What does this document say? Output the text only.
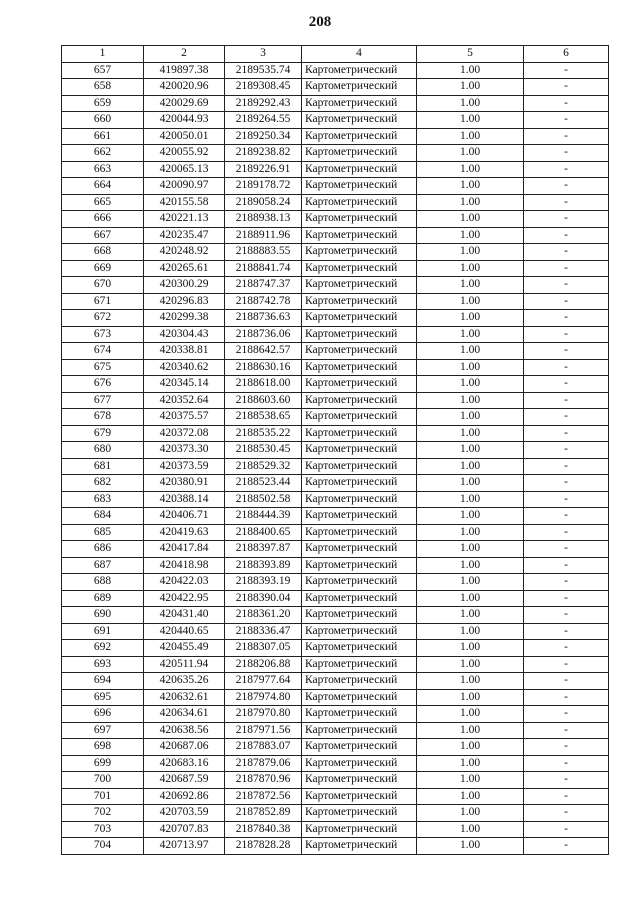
208
1	2	3	4	5	6
657	419897.38	2189535.74	Картометрический	1.00	-
658	420020.96	2189308.45	Картометрический	1.00	-
659	420029.69	2189292.43	Картометрический	1.00	-
660	420044.93	2189264.55	Картометрический	1.00	-
661	420050.01	2189250.34	Картометрический	1.00	-
662	420055.92	2189238.82	Картометрический	1.00	-
663	420065.13	2189226.91	Картометрический	1.00	-
664	420090.97	2189178.72	Картометрический	1.00	-
665	420155.58	2189058.24	Картометрический	1.00	-
666	420221.13	2188938.13	Картометрический	1.00	-
667	420235.47	2188911.96	Картометрический	1.00	-
668	420248.92	2188883.55	Картометрический	1.00	-
669	420265.61	2188841.74	Картометрический	1.00	-
670	420300.29	2188747.37	Картометрический	1.00	-
671	420296.83	2188742.78	Картометрический	1.00	-
672	420299.38	2188736.63	Картометрический	1.00	-
673	420304.43	2188736.06	Картометрический	1.00	-
674	420338.81	2188642.57	Картометрический	1.00	-
675	420340.62	2188630.16	Картометрический	1.00	-
676	420345.14	2188618.00	Картометрический	1.00	-
677	420352.64	2188603.60	Картометрический	1.00	-
678	420375.57	2188538.65	Картометрический	1.00	-
679	420372.08	2188535.22	Картометрический	1.00	-
680	420373.30	2188530.45	Картометрический	1.00	-
681	420373.59	2188529.32	Картометрический	1.00	-
682	420380.91	2188523.44	Картометрический	1.00	-
683	420388.14	2188502.58	Картометрический	1.00	-
684	420406.71	2188444.39	Картометрический	1.00	-
685	420419.63	2188400.65	Картометрический	1.00	-
686	420417.84	2188397.87	Картометрический	1.00	-
687	420418.98	2188393.89	Картометрический	1.00	-
688	420422.03	2188393.19	Картометрический	1.00	-
689	420422.95	2188390.04	Картометрический	1.00	-
690	420431.40	2188361.20	Картометрический	1.00	-
691	420440.65	2188336.47	Картометрический	1.00	-
692	420455.49	2188307.05	Картометрический	1.00	-
693	420511.94	2188206.88	Картометрический	1.00	-
694	420635.26	2187977.64	Картометрический	1.00	-
695	420632.61	2187974.80	Картометрический	1.00	-
696	420634.61	2187970.80	Картометрический	1.00	-
697	420638.56	2187971.56	Картометрический	1.00	-
698	420687.06	2187883.07	Картометрический	1.00	-
699	420683.16	2187879.06	Картометрический	1.00	-
700	420687.59	2187870.96	Картометрический	1.00	-
701	420692.86	2187872.56	Картометрический	1.00	-
702	420703.59	2187852.89	Картометрический	1.00	-
703	420707.83	2187840.38	Картометрический	1.00	-
704	420713.97	2187828.28	Картометрический	1.00	-
